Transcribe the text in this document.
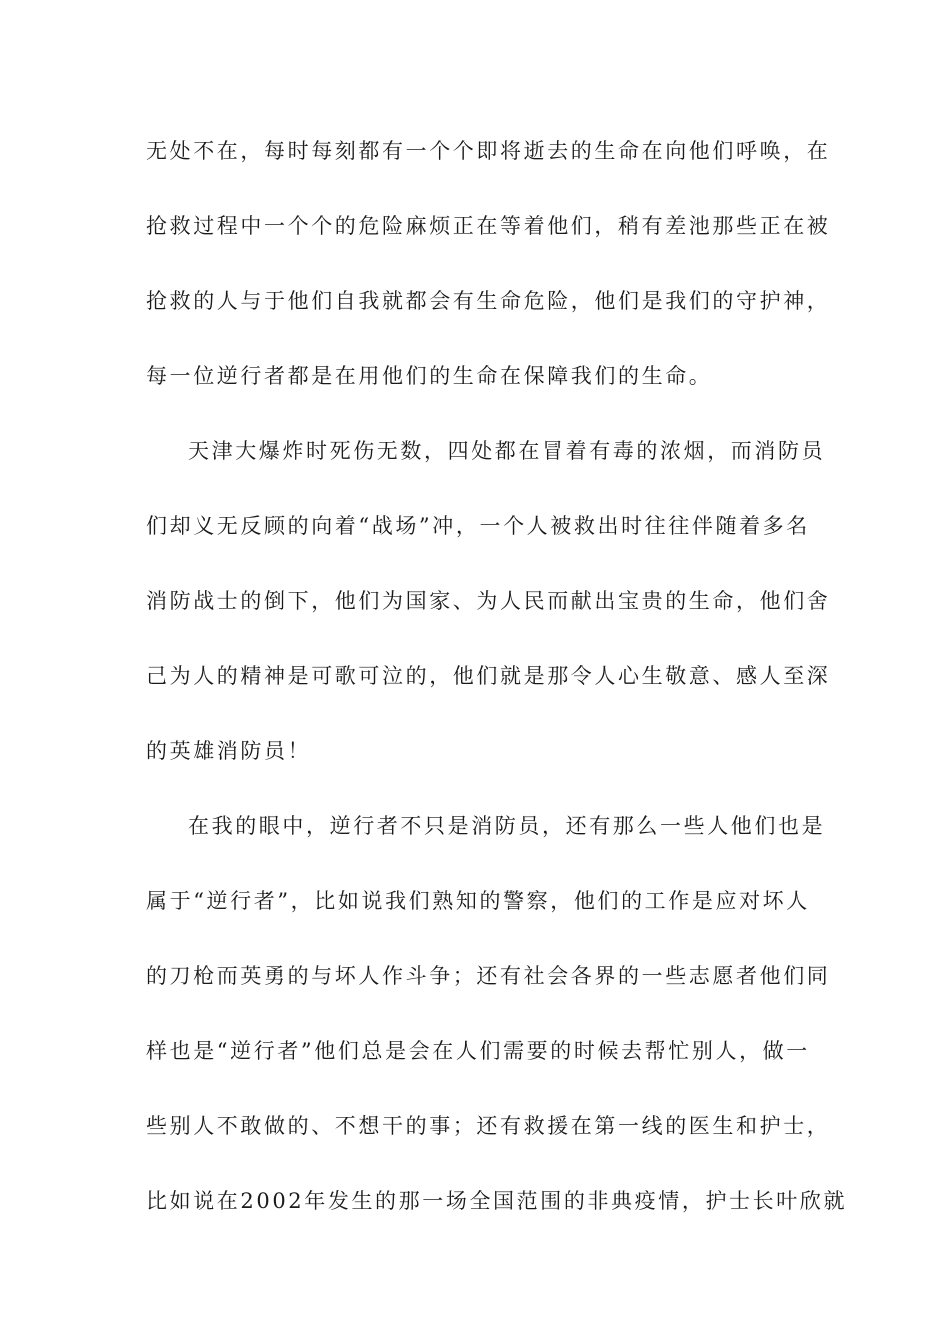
无处不在，每时每刻都有一个个即将逝去的生命在向他们呼唤，在
抢救过程中一个个的危险麻烦正在等着他们，稍有差池那些正在被
抢救的人与于他们自我就都会有生命危险，他们是我们的守护神，
每一位逆行者都是在用他们的生命在保障我们的生命。
天津大爆炸时死伤无数，四处都在冒着有毒的浓烟，而消防员
们却义无反顾的向着“战场”冲，一个人被救出时往往伴随着多名
消防战士的倒下，他们为国家、为人民而献出宝贵的生命，他们舍
己为人的精神是可歌可泣的，他们就是那令人心生敬意、感人至深
的英雄消防员！
在我的眼中，逆行者不只是消防员，还有那么一些人他们也是
属于“逆行者”，比如说我们熟知的警察，他们的工作是应对坏人
的刀枪而英勇的与坏人作斗争；还有社会各界的一些志愿者他们同
样也是“逆行者”他们总是会在人们需要的时候去帮忙别人，做一
些别人不敢做的、不想干的事；还有救援在第一线的医生和护士，
比如说在2002年发生的那一场全国范围的非典疫情，护士长叶欣就
